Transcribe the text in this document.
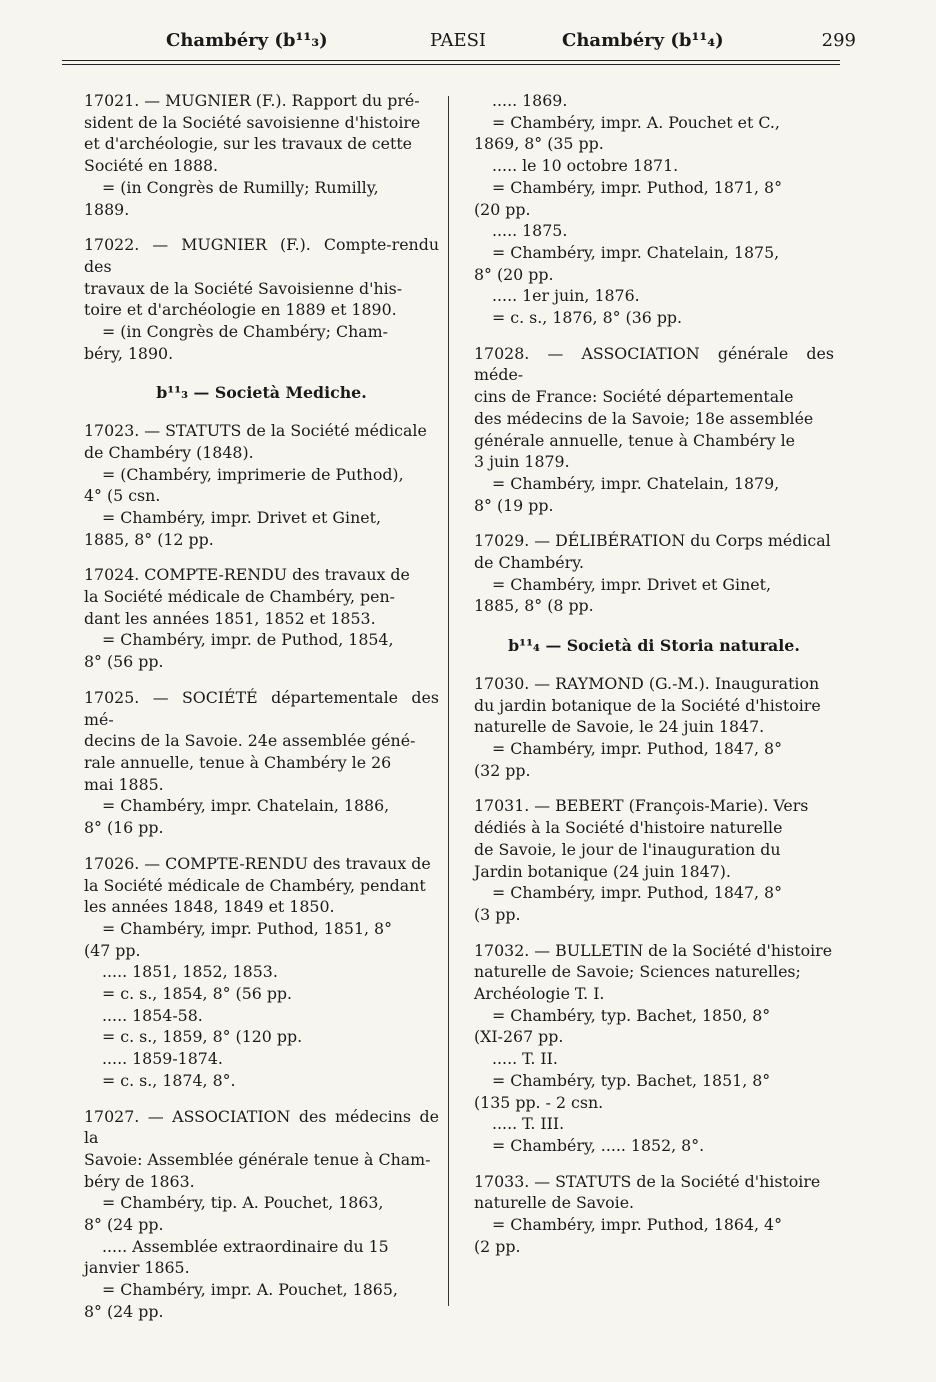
Chambéry (b¹¹₃)	PAESI	Chambéry (b¹¹₄)	299
17021. — MUGNIER (F.). Rapport du pré-
sident de la Société savoisienne d'histoire
et d'archéologie, sur les travaux de cette
Société en 1888.
= (in Congrès de Rumilly; Rumilly,
1889.
17022. — MUGNIER (F.). Compte-rendu des
travaux de la Société Savoisienne d'his-
toire et d'archéologie en 1889 et 1890.
= (in Congrès de Chambéry; Cham-
béry, 1890.
b¹¹₃ — Società Mediche.
17023. — STATUTS de la Société médicale
de Chambéry (1848).
= (Chambéry, imprimerie de Puthod),
4° (5 csn.
= Chambéry, impr. Drivet et Ginet,
1885, 8° (12 pp.
17024. COMPTE-RENDU des travaux de
la Société médicale de Chambéry, pen-
dant les années 1851, 1852 et 1853.
= Chambéry, impr. de Puthod, 1854,
8° (56 pp.
17025. — SOCIÉTÉ départementale des mé-
decins de la Savoie. 24e assemblée géné-
rale annuelle, tenue à Chambéry le 26
mai 1885.
= Chambéry, impr. Chatelain, 1886,
8° (16 pp.
17026. — COMPTE-RENDU des travaux de
la Société médicale de Chambéry, pendant
les années 1848, 1849 et 1850.
= Chambéry, impr. Puthod, 1851, 8°
(47 pp.
..... 1851, 1852, 1853.
= c. s., 1854, 8° (56 pp.
..... 1854-58.
= c. s., 1859, 8° (120 pp.
..... 1859-1874.
= c. s., 1874, 8°.
17027. — ASSOCIATION des médecins de la
Savoie: Assemblée générale tenue à Cham-
béry de 1863.
= Chambéry, tip. A. Pouchet, 1863,
8° (24 pp.
..... Assemblée extraordinaire du 15
janvier 1865.
= Chambéry, impr. A. Pouchet, 1865,
8° (24 pp.
..... 1869.
= Chambéry, impr. A. Pouchet et C.,
1869, 8° (35 pp.
..... le 10 octobre 1871.
= Chambéry, impr. Puthod, 1871, 8°
(20 pp.
..... 1875.
= Chambéry, impr. Chatelain, 1875,
8° (20 pp.
..... 1er juin, 1876.
= c. s., 1876, 8° (36 pp.
17028. — ASSOCIATION générale des méde-
cins de France: Société départementale
des médecins de la Savoie; 18e assemblée
générale annuelle, tenue à Chambéry le
3 juin 1879.
= Chambéry, impr. Chatelain, 1879,
8° (19 pp.
17029. — DÉLIBÉRATION du Corps médical
de Chambéry.
= Chambéry, impr. Drivet et Ginet,
1885, 8° (8 pp.
b¹¹₄ — Società di Storia naturale.
17030. — RAYMOND (G.-M.). Inauguration
du jardin botanique de la Société d'histoire
naturelle de Savoie, le 24 juin 1847.
= Chambéry, impr. Puthod, 1847, 8°
(32 pp.
17031. — BEBERT (François-Marie). Vers
dédiés à la Société d'histoire naturelle
de Savoie, le jour de l'inauguration du
Jardin botanique (24 juin 1847).
= Chambéry, impr. Puthod, 1847, 8°
(3 pp.
17032. — BULLETIN de la Société d'histoire
naturelle de Savoie; Sciences naturelles;
Archéologie T. I.
= Chambéry, typ. Bachet, 1850, 8°
(XI-267 pp.
..... T. II.
= Chambéry, typ. Bachet, 1851, 8°
(135 pp. - 2 csn.
..... T. III.
= Chambéry, ..... 1852, 8°.
17033. — STATUTS de la Société d'histoire
naturelle de Savoie.
= Chambéry, impr. Puthod, 1864, 4°
(2 pp.
